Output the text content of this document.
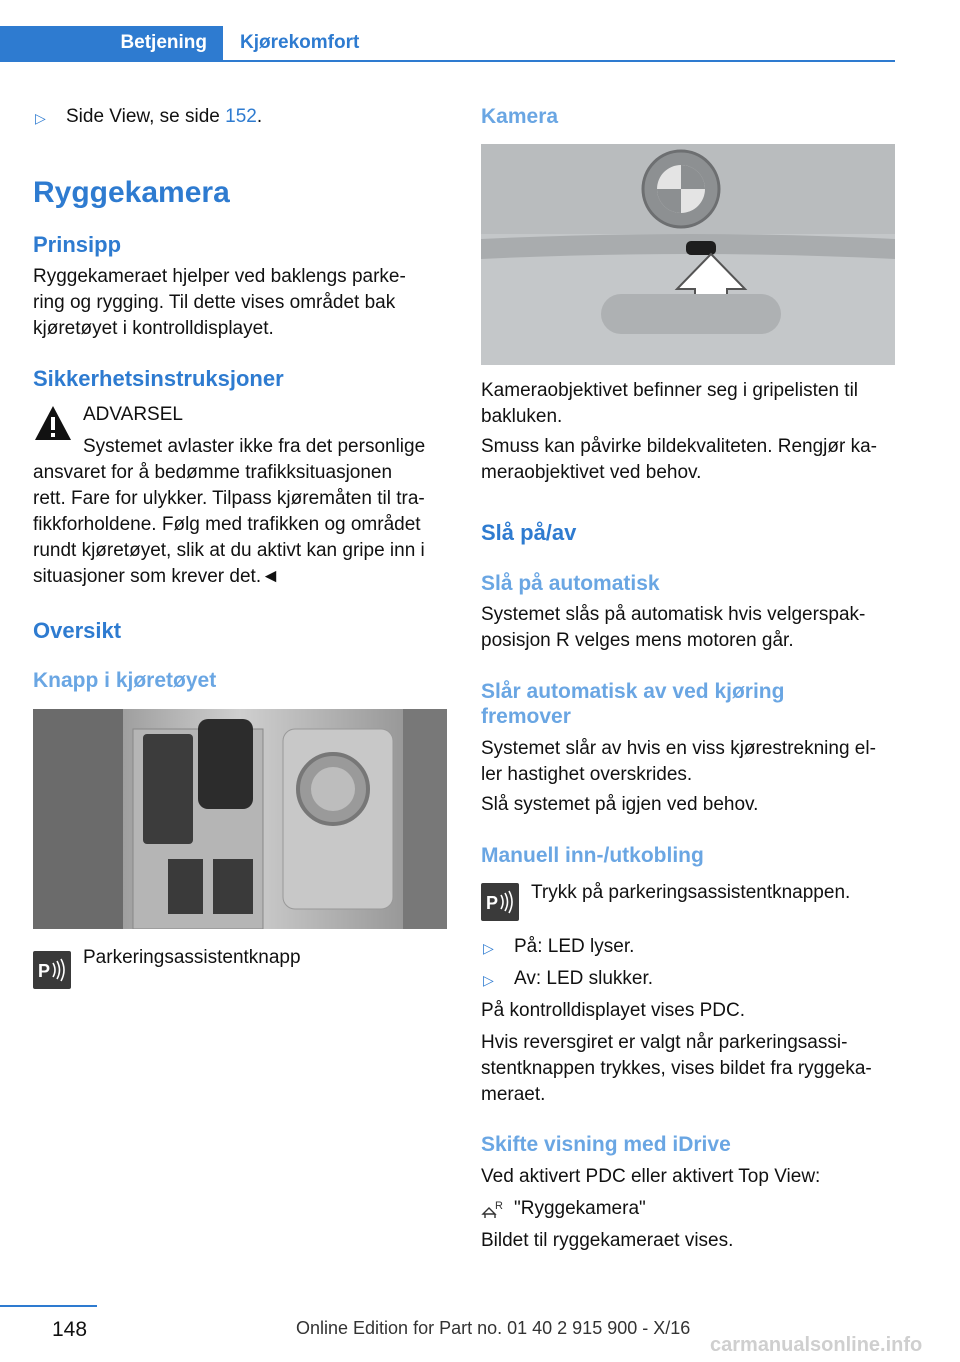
Betjening Kjørekomfort
▷ Side View, se side 152.

Ryggekamera
Prinsipp

Ryggekameraet hjelper ved baklengs parke‐

ring og rygging. Til dette vises området bak

kjøretøyet i kontrolldisplayet.

Sikkerhetsinstruksjoner

ADVARSEL

Systemet avlaster ikke fra det personlige

ansvaret for å bedømme trafikksituasjonen

rett. Fare for ulykker. Tilpass kjøremåten til tra‐

fikkforholdene. Følg med trafikken og området

rundt kjøretøyet, slik at du aktivt kan gripe inn i

situasjoner som krever det.◄

Oversikt
Knapp i kjøretøyet
P

Parkeringsassistentknapp

Kamera

Kameraobjektivet befinner seg i gripelisten til

bakluken.

Smuss kan påvirke bildekvaliteten. Rengjør ka‐

meraobjektivet ved behov.

Slå på/av
Slå på automatisk

Systemet slås på automatisk hvis velgerspak‐

posisjon R velges mens motoren går.

Slår automatisk av ved kjøring
fremover

Systemet slår av hvis en viss kjørestrekning el‐

ler hastighet overskrides.

Slå systemet på igjen ved behov.

Manuell inn-/utkobling
P Trykk på parkeringsassistentknappen.

▷ På: LED lyser.

▷ Av: LED slukker.

På kontrolldisplayet vises PDC.

Hvis reversgiret er valgt når parkeringsassi‐

stentknappen trykkes, vises bildet fra ryggeka‐

meraet.

Skifte visning med iDrive

Ved aktivert PDC eller aktivert Top View:

R "Ryggekamera"

Bildet til ryggekameraet vises.

148	Online Edition for Part no. 01 40 2 915 900 - X/16
carmanualsonline.info
